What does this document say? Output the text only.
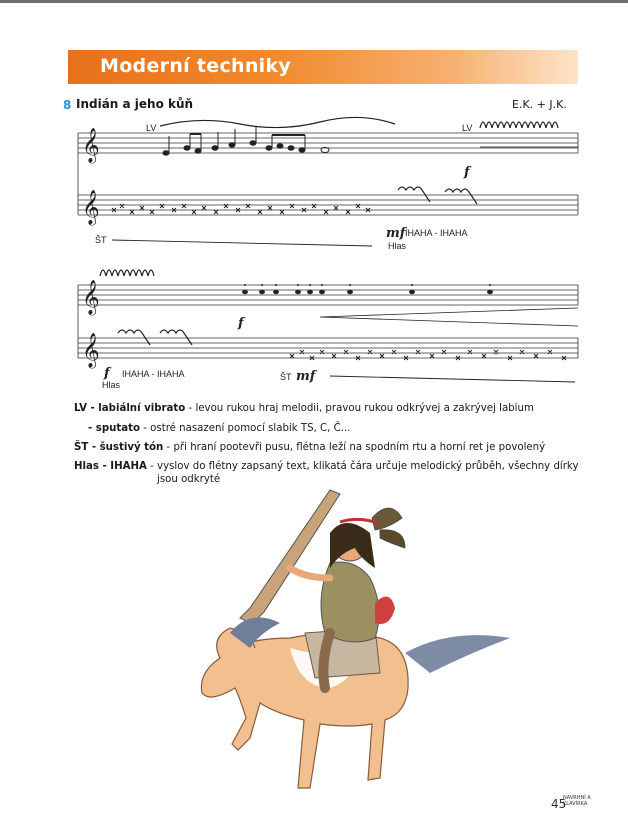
Moderní techniky
8 Indián a jeho kůň	E.K. + J.K.
𝄞
𝄞
𝄞
𝄞
LV	LV
ŠT
ŠT
IHAHA - IHAHA
IHAHA - IHAHA
Hlas
Hlas
f
f
f
mf
mf
LV - labiální vibrato - levou rukou hraj melodii, pravou rukou odkrývej a zakrývej labium
- sputato - ostré nasazení pomocí slabik TS, C, Č...
ŠT - šustivý tón - při hraní pootevři pusu, flétna leží na spodním rtu a horní ret je povolený
Hlas - IHAHA - vyslov do flétny zapsaný text, klikatá čára určuje melodický průběh, všechny dírky
jsou odkryté
45
NAVRHNÍ A
KLAVÍRKA
